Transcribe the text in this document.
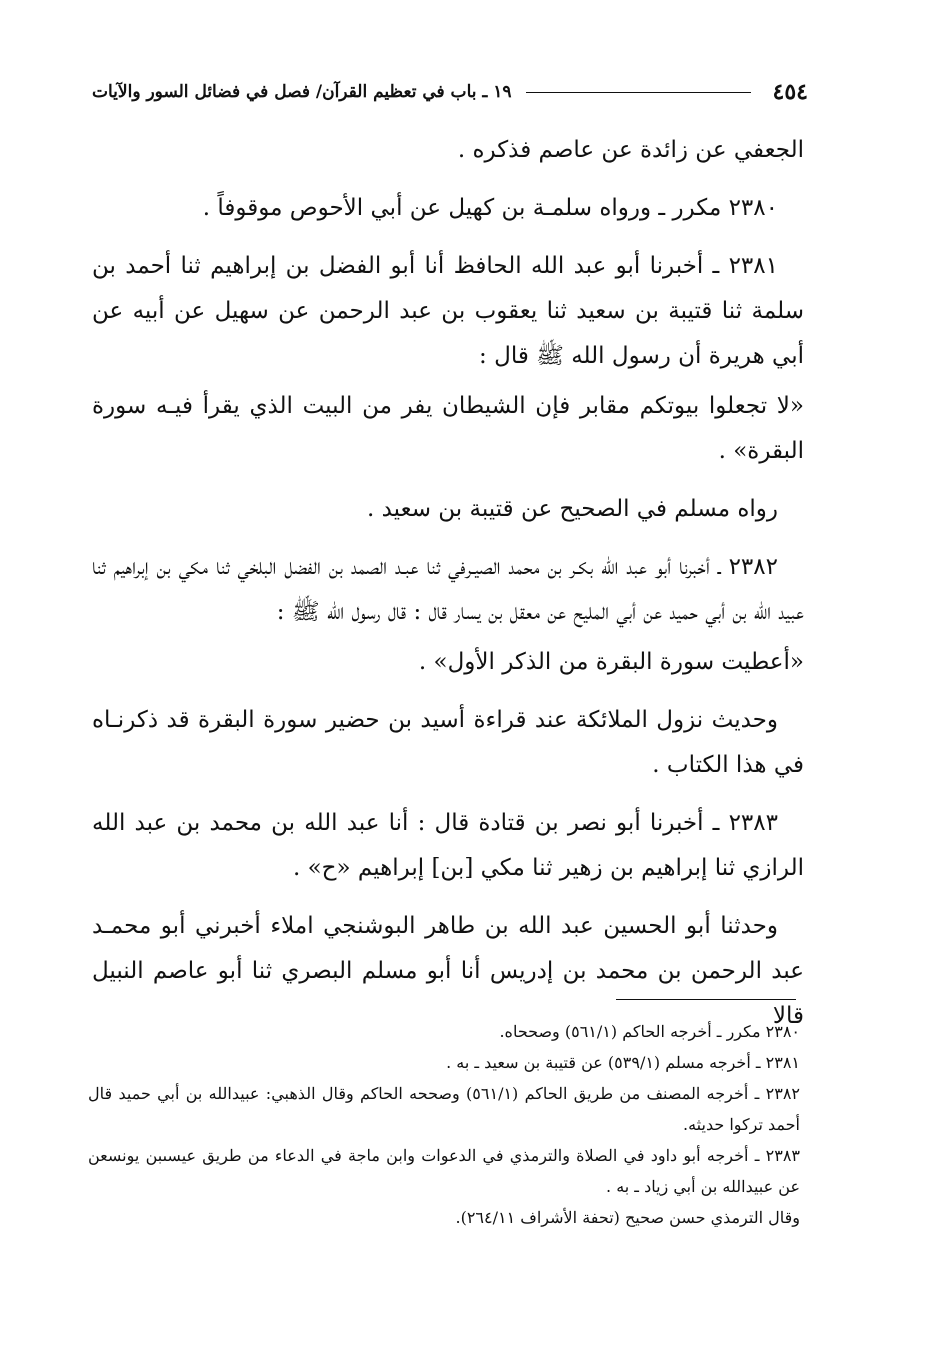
٤٥٤
١٩ ـ باب في تعظيم القرآن/ فصل في فضائل السور والآيات

الجعفي عن زائدة عن عاصم فذكره .

٢٣٨٠ مكرر ـ ورواه سلمـة بن كهيل عن أبي الأحوص موقوفاً .

٢٣٨١ ـ أخبرنا أبو عبد الله الحافظ أنا أبو الفضل بن إبراهيم ثنا أحمد بن سلمة ثنا قتيبة بن سعيد ثنا يعقوب بن عبد الرحمن عن سهيل عن أبيه عن أبي هريرة أن رسول الله ﷺ قال :

«لا تجعلوا بيوتكم مقابر فإن الشيطان يفر من البيت الذي يقرأ فيـه سورة البقرة» .

رواه مسلم في الصحيح عن قتيبة بن سعيد .

٢٣٨٢ ـ أخبرنا أبو عبد الله بكـر بن محمد الصيـرفي ثنا عبـد الصمد بن الفضل البلخي ثنا مكي بن إبراهيم ثنا عبيد الله بن أبي حميد عن أبي المليح عن معقل بن يسار قال : قال رسول الله ﷺ :

«أعطيت سورة البقرة من الذكر الأول» .

وحديث نزول الملائكة عند قراءة أسيد بن حضير سورة البقرة قد ذكرنـاه في هذا الكتاب .

٢٣٨٣ ـ أخبرنا أبو نصر بن قتادة قال : أنا عبد الله بن محمد بن عبد الله الرازي ثنا إبراهيم بن زهير ثنا مكي [بن] إبراهيم «ح» .

وحدثنا أبو الحسين عبد الله بن طاهر البوشنجي املاء أخبرني أبو محمـد عبد الرحمن بن محمد بن إدريس أنا أبو مسلم البصري ثنا أبو عاصم النبيل قالا

٢٣٨٠ مكرر ـ أخرجه الحاكم (٥٦١/١) وصححاه.

٢٣٨١ ـ أخرجه مسلم (٥٣٩/١) عن قتيبة بن سعيد ـ به .

٢٣٨٢ ـ أخرجه المصنف من طريق الحاكم (٥٦١/١) وصححه الحاكم وقال الذهبي: عبيدالله بن أبي حميد قال أحمد تركوا حديثه.

٢٣٨٣ ـ أخرجه أبو داود في الصلاة والترمذي في الدعوات وابن ماجة في الدعاء من طريق عيسىبن يونسعن عن عبيدالله بن أبي زياد ـ به .

وقال الترمذي حسن صحيح (تحفة الأشراف ٢٦٤/١١).
